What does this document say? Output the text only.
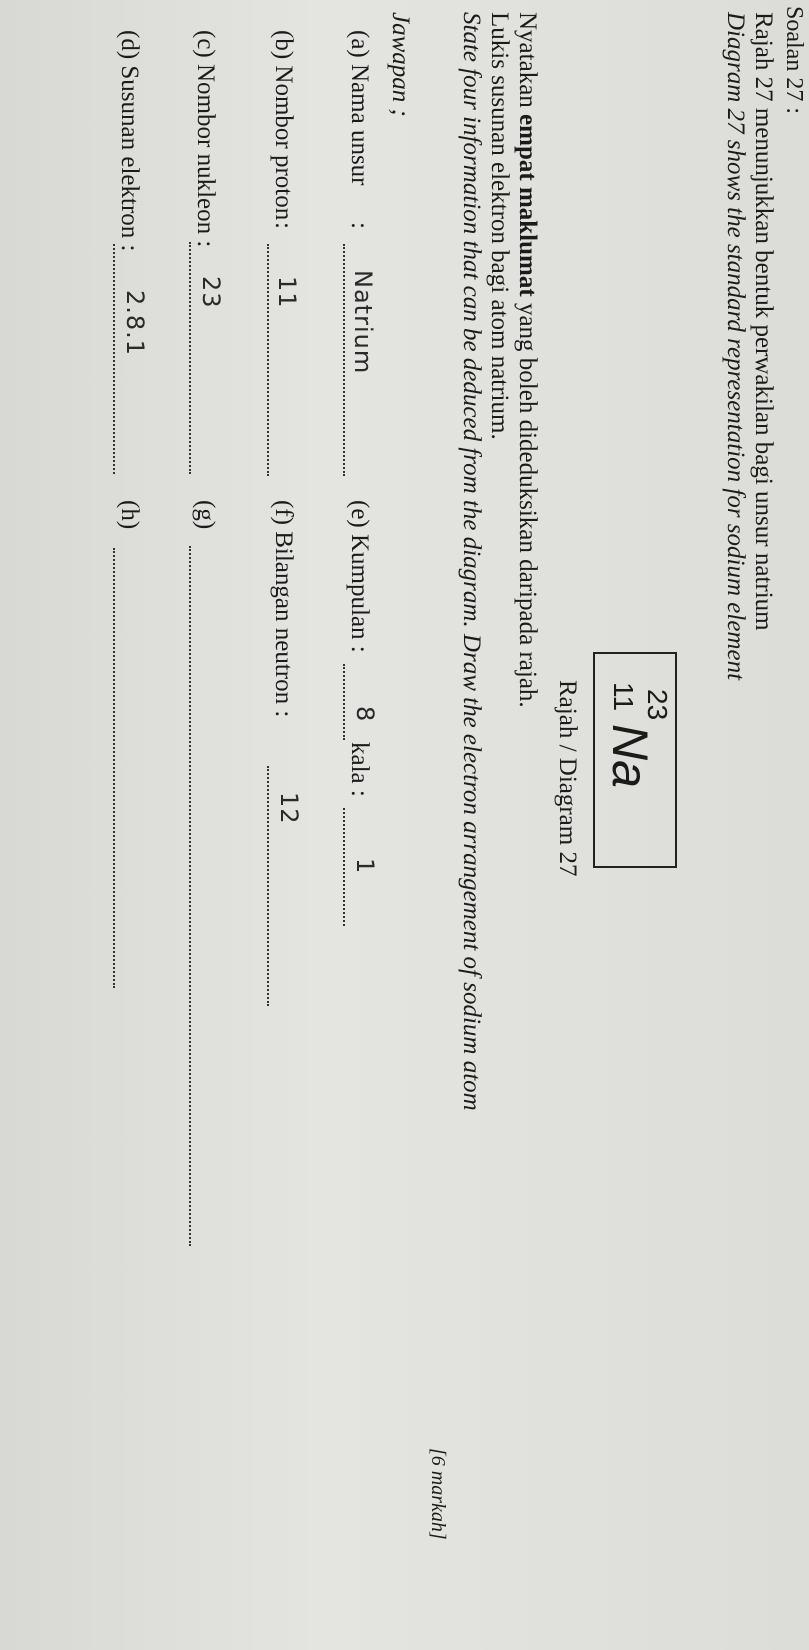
Soalan 27 :
Rajah 27 menunjukkan bentuk perwakilan bagi unsur natrium
Diagram 27 shows the standard representation for sodium element
23
11
Na
Rajah / Diagram 27
Nyatakan empat maklumat yang boleh dideduksikan daripada rajah.
Lukis susunan elektron bagi atom natrium.
State four information that can be deduced from the diagram. Draw the electron arrangement of sodium atom
[6 markah]
Jawapan ;
(a) Nama unsur
:
Natrium
(e) Kumpulan :
8
kala :
1
(b) Nombor proton
:
11
(f) Bilangan neutron :
12
(c) Nombor nukleon :
23
(g)
(d) Susunan elektron :
2.8.1
(h)
